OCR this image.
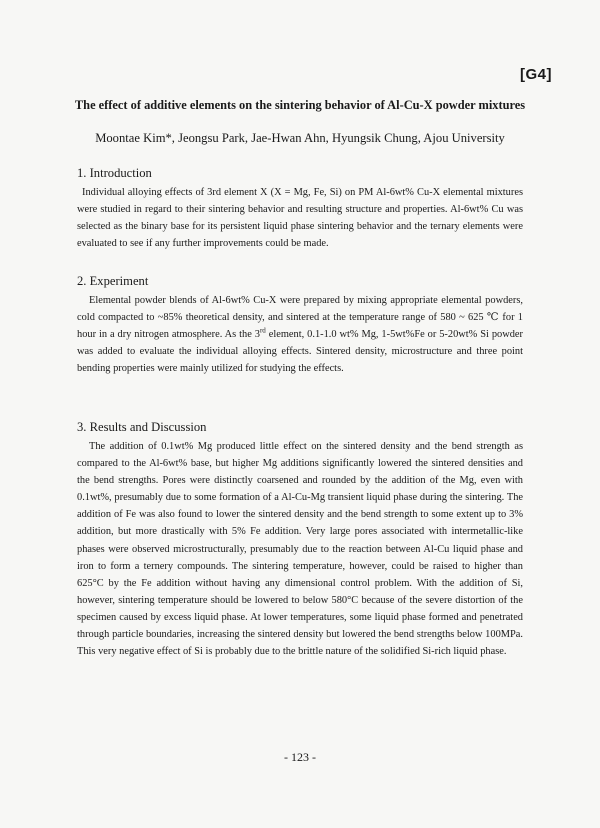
[G4]
The effect of additive elements on the sintering behavior of Al-Cu-X powder mixtures
Moontae Kim*, Jeongsu Park, Jae-Hwan Ahn, Hyungsik Chung, Ajou University
1. Introduction

Individual alloying effects of 3rd element X (X = Mg, Fe, Si) on PM Al-6wt% Cu-X elemental mixtures were studied in regard to their sintering behavior and resulting structure and properties. Al-6wt% Cu was selected as the binary base for its persistent liquid phase sintering behavior and the ternary elements were evaluated to see if any further improvements could be made.

2. Experiment

Elemental powder blends of Al-6wt% Cu-X were prepared by mixing appropriate elemental powders, cold compacted to ~85% theoretical density, and sintered at the temperature range of 580 ~ 625 ℃ for 1 hour in a dry nitrogen atmosphere. As the 3rd element, 0.1-1.0 wt% Mg, 1-5wt%Fe or 5-20wt% Si powder was added to evaluate the individual alloying effects. Sintered density, microstructure and three point bending properties were mainly utilized for studying the effects.

3. Results and Discussion

The addition of 0.1wt% Mg produced little effect on the sintered density and the bend strength as compared to the Al-6wt% base, but higher Mg additions significantly lowered the sintered densities and the bend strengths. Pores were distinctly coarsened and rounded by the addition of the Mg, even with 0.1wt%, presumably due to some formation of a Al-Cu-Mg transient liquid phase during the sintering. The addition of Fe was also found to lower the sintered density and the bend strength to some extent up to 3% addition, but more drastically with 5% Fe addition. Very large pores associated with intermetallic-like phases were observed microstructurally, presumably due to the reaction between Al-Cu liquid phase and iron to form a ternery compounds. The sintering temperature, however, could be raised to higher than 625°C by the Fe addition without having any dimensional control problem. With the addition of Si, however, sintering temperature should be lowered to below 580°C because of the severe distortion of the specimen caused by excess liquid phase. At lower temperatures, some liquid phase formed and penetrated through particle boundaries, increasing the sintered density but lowered the bend strengths below 100MPa. This very negative effect of Si is probably due to the brittle nature of the solidified Si-rich liquid phase.

- 123 -
